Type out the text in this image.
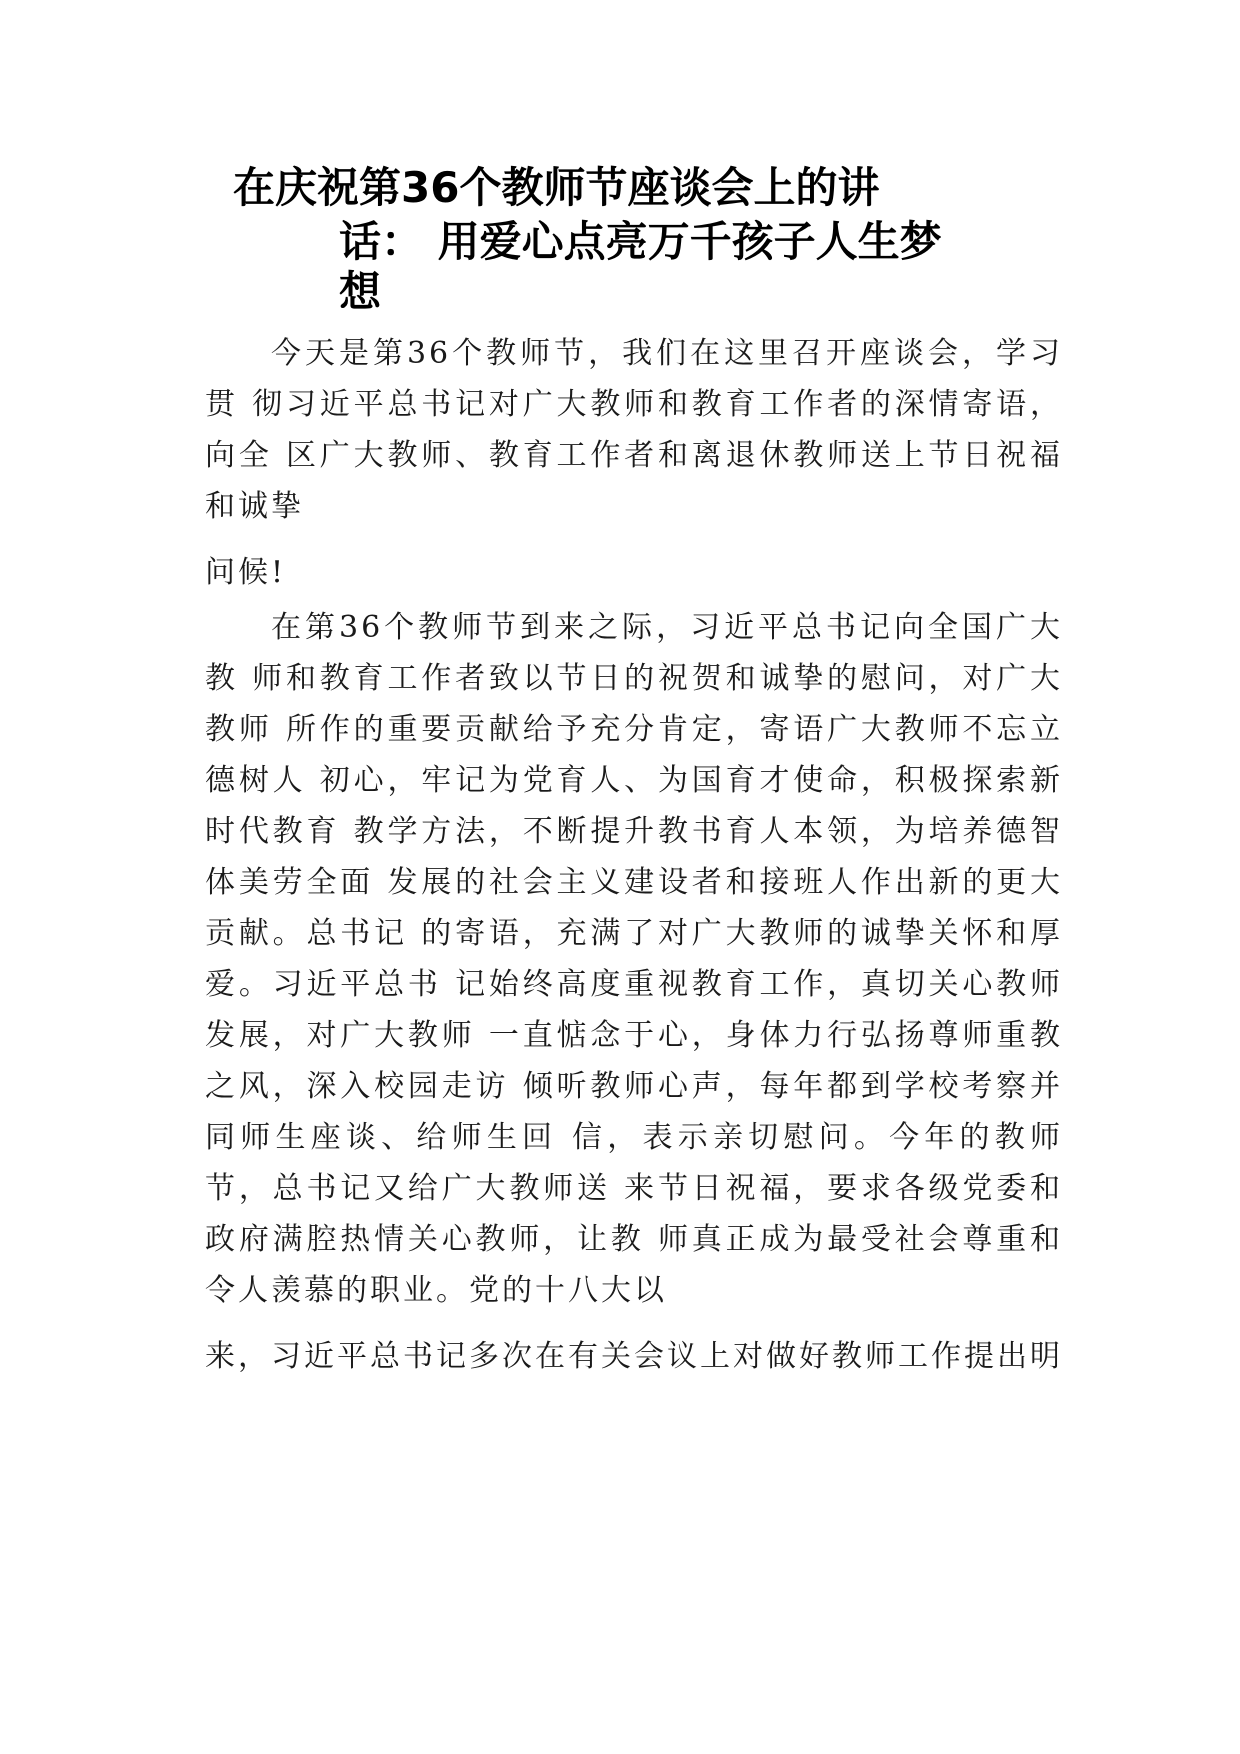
在庆祝第36个教师节座谈会上的讲
话： 用爱心点亮万千孩子人生梦
想
今天是第36个教师节，我们在这里召开座谈会，学习
贯 彻习近平总书记对广大教师和教育工作者的深情寄语，
向全 区广大教师、教育工作者和离退休教师送上节日祝福
和诚挚
问候!
在第36个教师节到来之际，习近平总书记向全国广大
教 师和教育工作者致以节日的祝贺和诚挚的慰问，对广大
教师 所作的重要贡献给予充分肯定，寄语广大教师不忘立
德树人 初心，牢记为党育人、为国育才使命，积极探索新
时代教育 教学方法，不断提升教书育人本领，为培养德智
体美劳全面 发展的社会主义建设者和接班人作出新的更大
贡献。总书记 的寄语，充满了对广大教师的诚挚关怀和厚
爱。习近平总书 记始终高度重视教育工作，真切关心教师
发展，对广大教师 一直惦念于心，身体力行弘扬尊师重教
之风，深入校园走访 倾听教师心声，每年都到学校考察并
同师生座谈、给师生回 信，表示亲切慰问。今年的教师
节，总书记又给广大教师送 来节日祝福，要求各级党委和
政府满腔热情关心教师，让教 师真正成为最受社会尊重和
令人羡慕的职业。党的十八大以
来，习近平总书记多次在有关会议上对做好教师工作提出明
